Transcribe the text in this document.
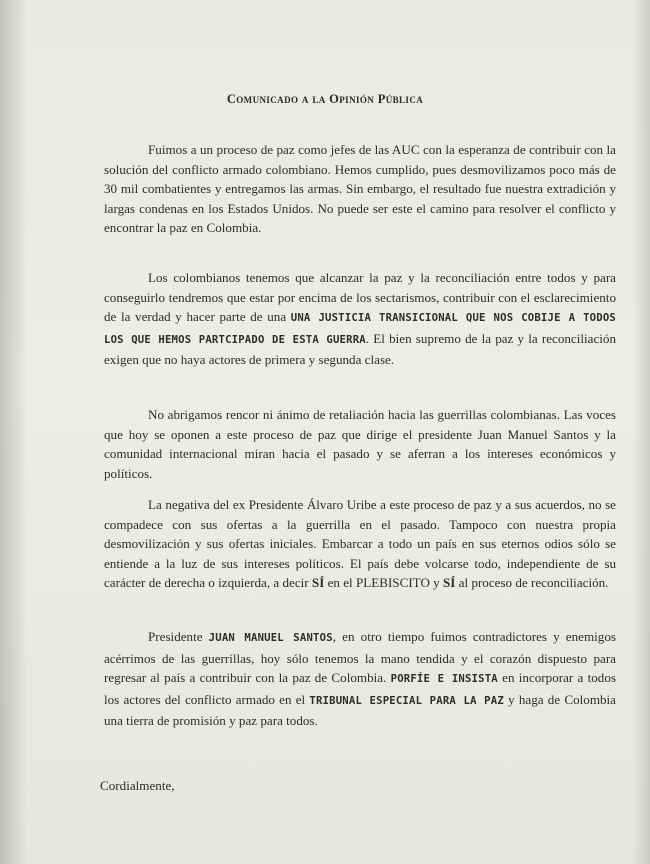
Comunicado a la Opinión Pública

Fuimos a un proceso de paz como jefes de las AUC con la esperanza de contribuir con la solución del conflicto armado colombiano. Hemos cumplido, pues desmovilizamos poco más de 30 mil combatientes y entregamos las armas. Sin embargo, el resultado fue nuestra extradición y largas condenas en los Estados Unidos. No puede ser este el camino para resolver el conflicto y encontrar la paz en Colombia.

Los colombianos tenemos que alcanzar la paz y la reconciliación entre todos y para conseguirlo tendremos que estar por encima de los sectarismos, contribuir con el esclarecimiento de la verdad y hacer parte de una UNA JUSTICIA TRANSICIONAL QUE NOS COBIJE A TODOS LOS QUE HEMOS PARTCIPADO DE ESTA GUERRA. El bien supremo de la paz y la reconciliación exigen que no haya actores de primera y segunda clase.

No abrigamos rencor ni ánimo de retaliación hacia las guerrillas colombianas. Las voces que hoy se oponen a este proceso de paz que dirige el presidente Juan Manuel Santos y la comunidad internacional miran hacia el pasado y se aferran a los intereses económicos y políticos.

La negativa del ex Presidente Álvaro Uribe a este proceso de paz y a sus acuerdos, no se compadece con sus ofertas a la guerrilla en el pasado. Tampoco con nuestra propia desmovilización y sus ofertas iniciales. Embarcar a todo un país en sus eternos odios sólo se entiende a la luz de sus intereses políticos. El país debe volcarse todo, independiente de su carácter de derecha o izquierda, a decir SÍ en el PLEBISCITO y SÍ al proceso de reconciliación.

Presidente JUAN MANUEL SANTOS, en otro tiempo fuimos contradictores y enemigos acérrimos de las guerrillas, hoy sólo tenemos la mano tendida y el corazón dispuesto para regresar al país a contribuir con la paz de Colombia. PORFÍE E INSISTA en incorporar a todos los actores del conflicto armado en el TRIBUNAL ESPECIAL PARA LA PAZ y haga de Colombia una tierra de promisión y paz para todos.

Cordialmente,
